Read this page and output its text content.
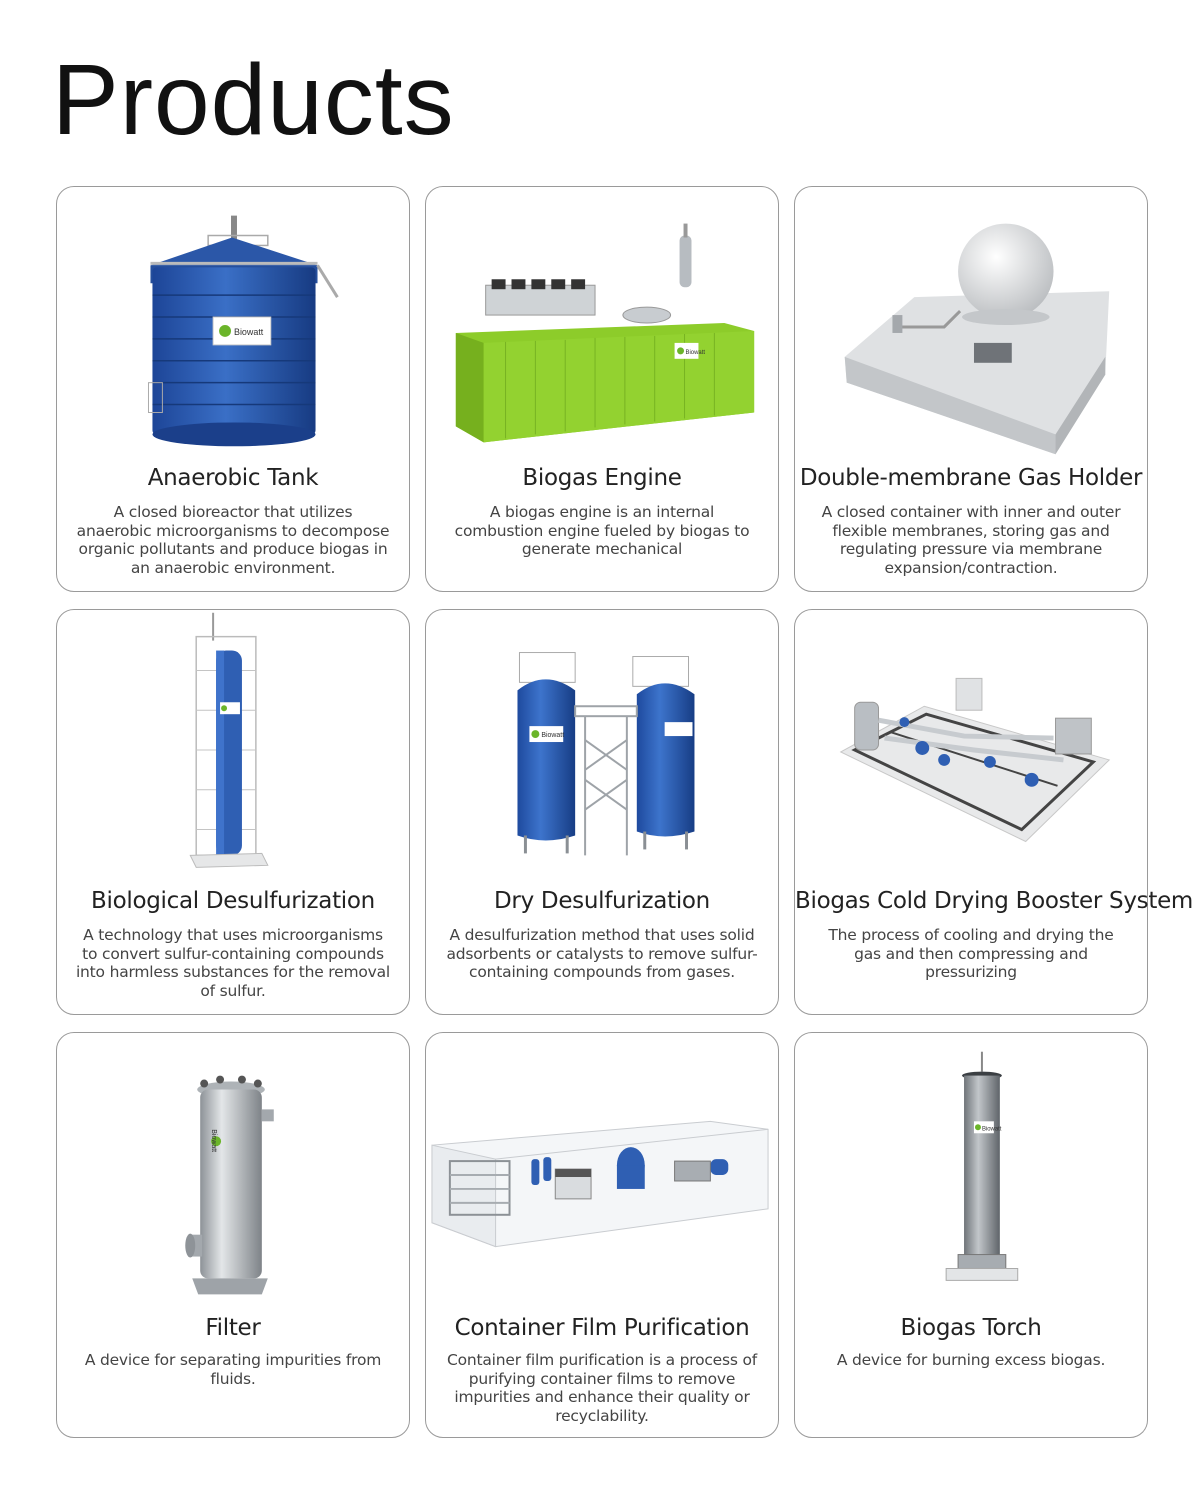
Products
Biowatt
Anaerobic Tank

A closed bioreactor that utilizes anaerobic microorganisms to decompose organic pollutants and produce biogas in an anaerobic environment.

Biowatt
Biogas Engine

A biogas engine is an internal combustion engine fueled by biogas to generate mechanical

Double-membrane Gas Holder

A closed container with inner and outer flexible membranes, storing gas and regulating pressure via membrane expansion/contraction.

Biological Desulfurization

A technology that uses microorganisms to convert sulfur-containing compounds into harmless substances for the removal of sulfur.

Biowatt
Dry Desulfurization

A desulfurization method that uses solid adsorbents or catalysts to remove sulfur-containing compounds from gases.

Biogas Cold Drying Booster System

The process of cooling and drying the gas and then compressing and pressurizing

Biowatt
Filter

A device for separating impurities from fluids.

Container Film Purification

Container film purification is a process of purifying container films to remove impurities and enhance their quality or recyclability.

Biowatt
Biogas Torch

A device for burning excess biogas.
